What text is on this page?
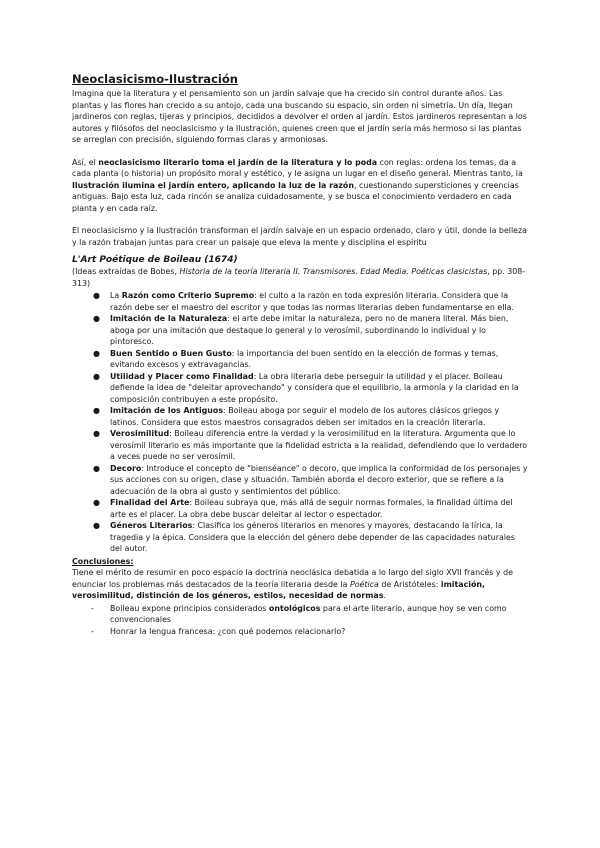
Neoclasicismo-Ilustración

Imagina que la literatura y el pensamiento son un jardín salvaje que ha crecido sin control durante años. Las plantas y las flores han crecido a su antojo, cada una buscando su espacio, sin orden ni simetría. Un día, llegan jardineros con reglas, tijeras y principios, decididos a devolver el orden al jardín. Estos jardineros representan a los autores y filósofos del neoclasicismo y la Ilustración, quienes creen que el jardín sería más hermoso si las plantas se arreglan con precisión, siguiendo formas claras y armoniosas.

Así, el neoclasicismo literario toma el jardín de la literatura y lo poda con reglas: ordena los temas, da a cada planta (o historia) un propósito moral y estético, y le asigna un lugar en el diseño general. Mientras tanto, la Ilustración ilumina el jardín entero, aplicando la luz de la razón, cuestionando supersticiones y creencias antiguas. Bajo esta luz, cada rincón se analiza cuidadosamente, y se busca el conocimiento verdadero en cada planta y en cada raíz.

El neoclasicismo y la Ilustración transforman el jardín salvaje en un espacio ordenado, claro y útil, donde la belleza y la razón trabajan juntas para crear un paisaje que eleva la mente y disciplina el espíritu

L'Art Poétique de Boileau (1674)

(Ideas extraídas de Bobes, Historia de la teoría literaria II. Transmisores. Edad Media. Poéticas clasicistas, pp. 308-313)

● La Razón como Criterio Supremo: el culto a la razón en toda expresión literaria. Considera que la razón debe ser el maestro del escritor y que todas las normas literarias deben fundamentarse en ella.
● Imitación de la Naturaleza: el arte debe imitar la naturaleza, pero no de manera literal. Más bien, aboga por una imitación que destaque lo general y lo verosímil, subordinando lo individual y lo pintoresco.
● Buen Sentido o Buen Gusto: la importancia del buen sentido en la elección de formas y temas, evitando excesos y extravagancias.
● Utilidad y Placer como Finalidad: La obra literaria debe perseguir la utilidad y el placer. Boileau defiende la idea de "deleitar aprovechando" y considera que el equilibrio, la armonía y la claridad en la composición contribuyen a este propósito.
● Imitación de los Antiguos: Boileau aboga por seguir el modelo de los autores clásicos griegos y latinos. Considera que estos maestros consagrados deben ser imitados en la creación literaria.
● Verosimilitud: Boileau diferencia entre la verdad y la verosimilitud en la literatura. Argumenta que lo verosímil literario es más importante que la fidelidad estricta a la realidad, defendiendo que lo verdadero a veces puede no ser verosímil.
● Decoro: Introduce el concepto de "bienséance" o decoro, que implica la conformidad de los personajes y sus acciones con su origen, clase y situación. También aborda el decoro exterior, que se refiere a la adecuación de la obra al gusto y sentimientos del público.
● Finalidad del Arte: Boileau subraya que, más allá de seguir normas formales, la finalidad última del arte es el placer. La obra debe buscar deleitar al lector o espectador.
● Géneros Literarios: Clasifica los géneros literarios en menores y mayores, destacando la lírica, la tragedia y la épica. Considera que la elección del género debe depender de las capacidades naturales del autor.

Conclusiones:

Tiene el mérito de resumir en poco espacio la doctrina neoclásica debatida a lo largo del siglo XVII francés y de enunciar los problemas más destacados de la teoría literaria desde la Poética de Aristóteles: imitación, verosimilitud, distinción de los géneros, estilos, necesidad de normas.

- Boileau expone principios considerados ontológicos para el arte literario, aunque hoy se ven como convencionales
- Honrar la lengua francesa: ¿con qué podemos relacionarlo?
